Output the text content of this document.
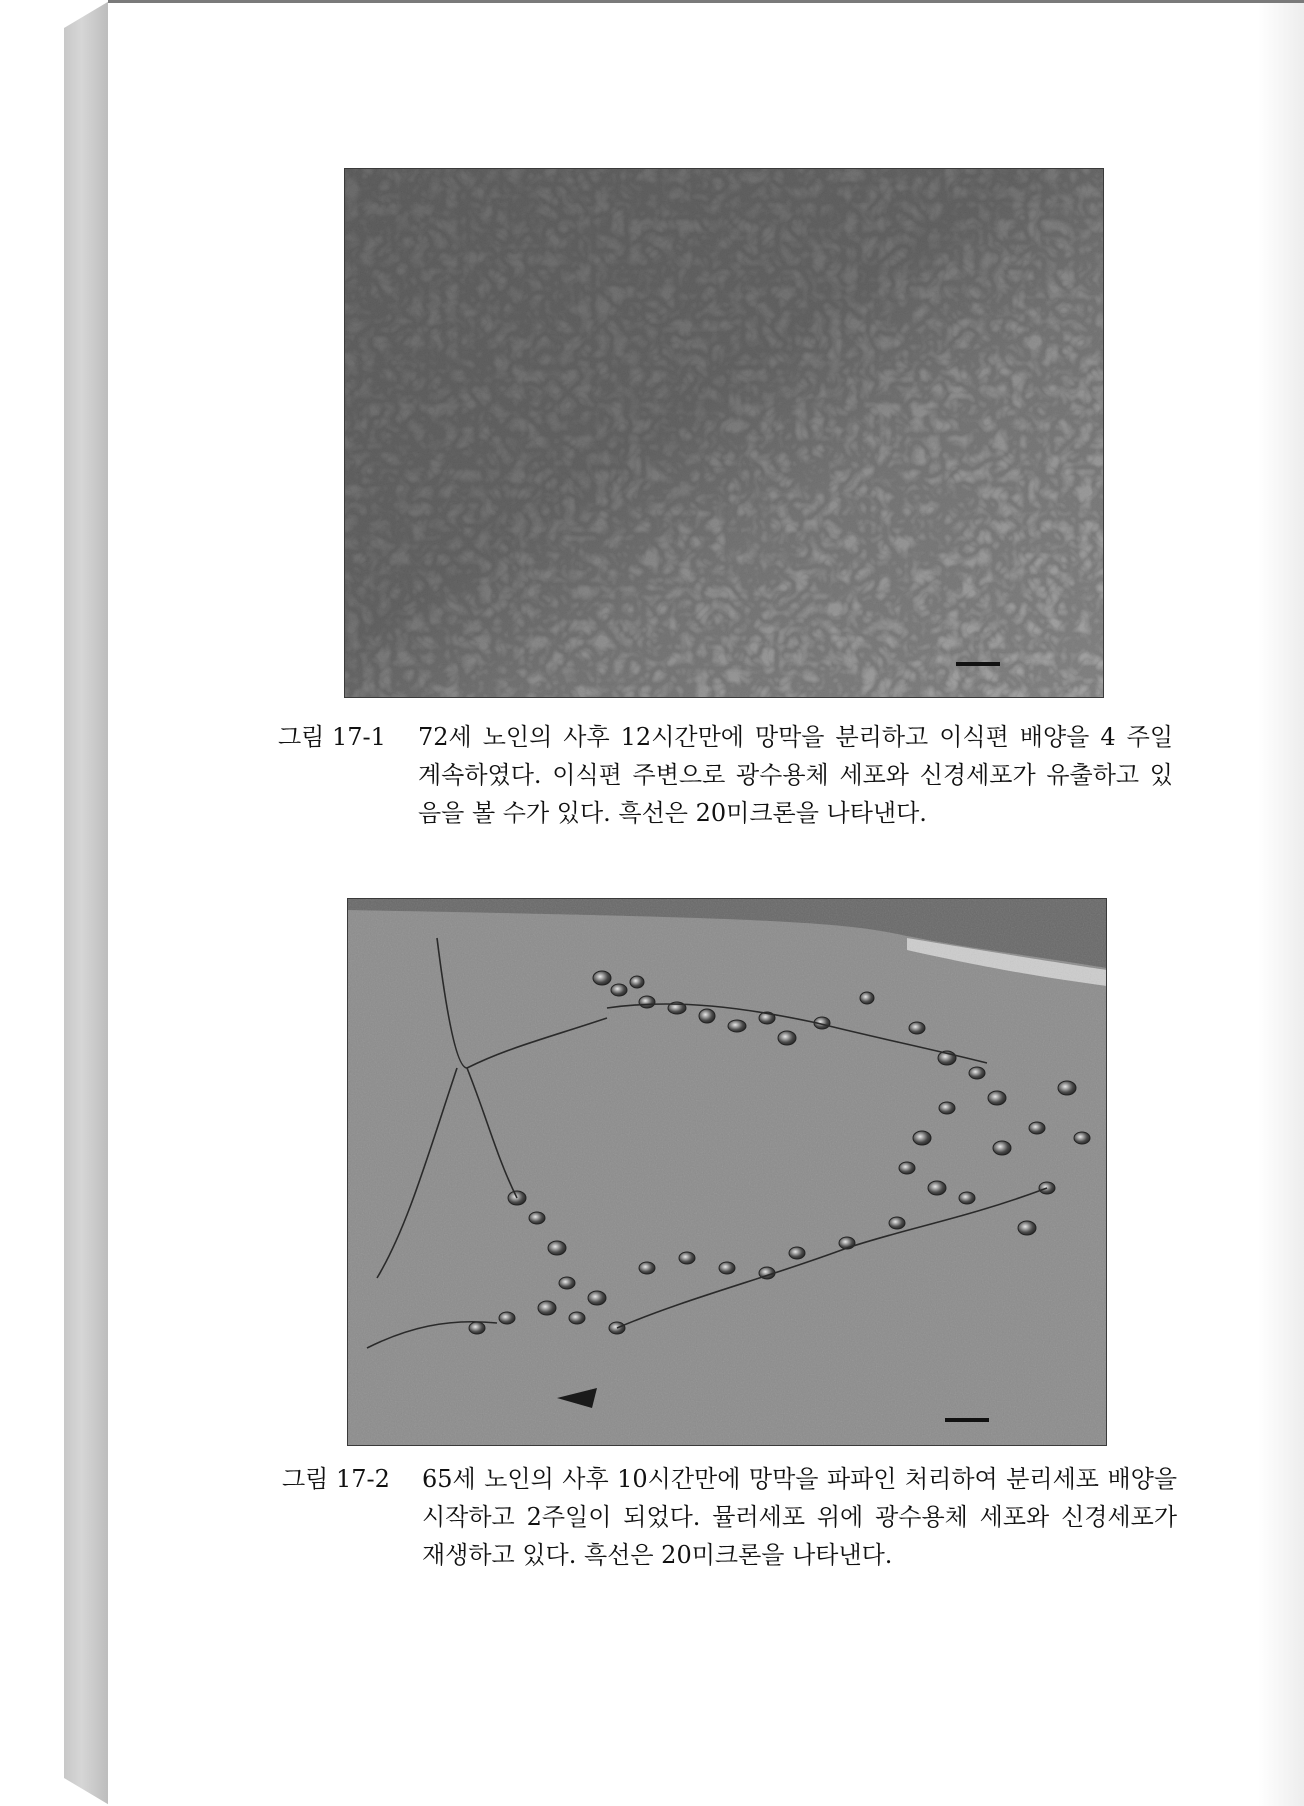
그림 17-1 72세 노인의 사후 12시간만에 망막을 분리하고 이식편 배양을 4 주일 계속하였다. 이식편 주변으로 광수용체 세포와 신경세포가 유출하고 있음을 볼 수가 있다. 흑선은 20미크론을 나타낸다.
그림 17-2 65세 노인의 사후 10시간만에 망막을 파파인 처리하여 분리세포 배양을 시작하고 2주일이 되었다. 뮬러세포 위에 광수용체 세포와 신경세포가 재생하고 있다. 흑선은 20미크론을 나타낸다.
